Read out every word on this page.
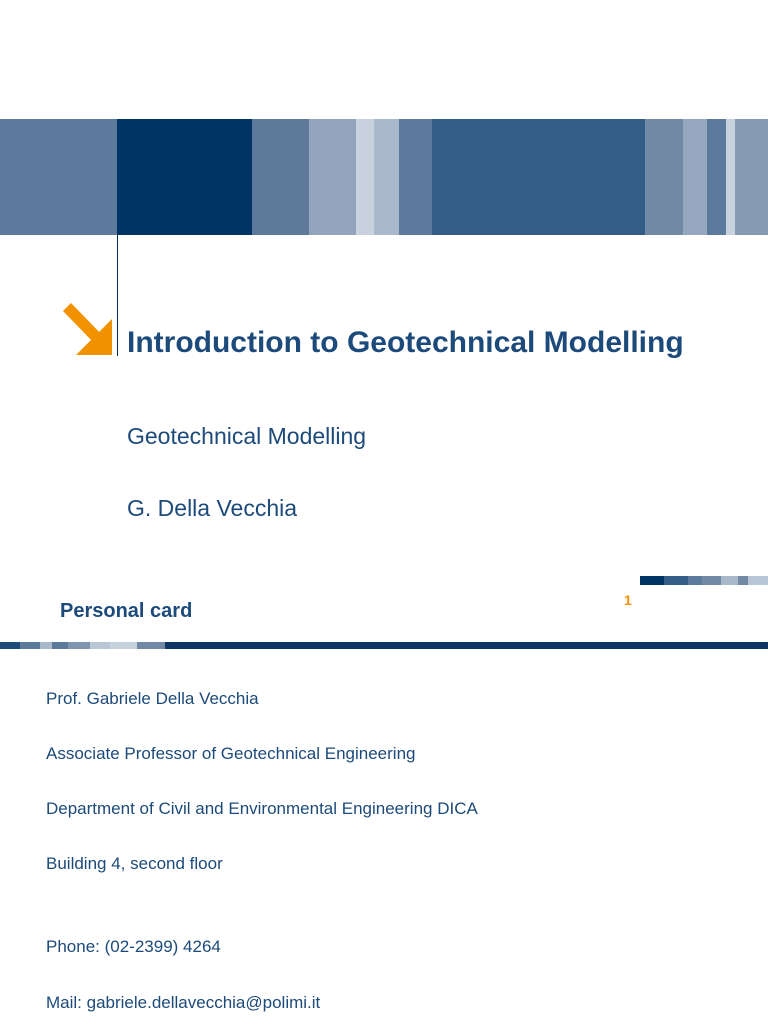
Introduction to Geotechnical Modelling
Geotechnical Modelling
G. Della Vecchia
1
Personal card
Prof. Gabriele Della Vecchia
Associate Professor of Geotechnical Engineering
Department of Civil and Environmental Engineering DICA
Building 4, second floor
Phone: (02-2399) 4264
Mail: gabriele.dellavecchia@polimi.it
